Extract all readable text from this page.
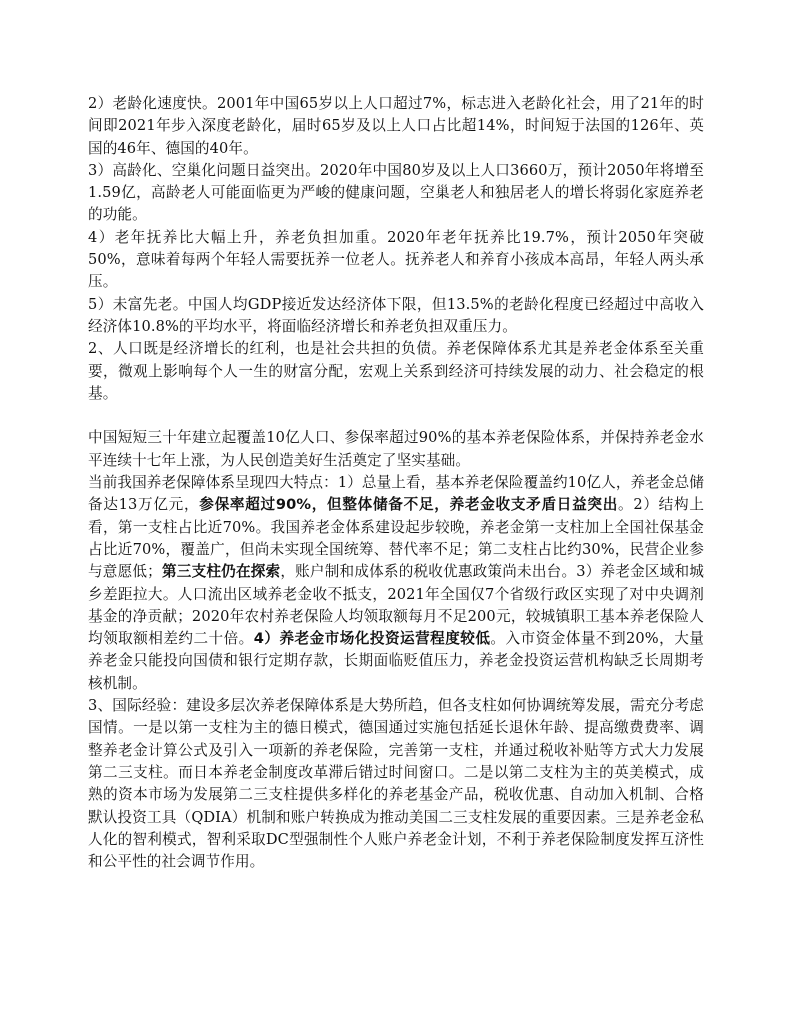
2）老龄化速度快。2001年中国65岁以上人口超过7%，标志进入老龄化社会，用了21年的时间即2021年步入深度老龄化，届时65岁及以上人口占比超14%，时间短于法国的126年、英国的46年、德国的40年。

3）高龄化、空巢化问题日益突出。2020年中国80岁及以上人口3660万，预计2050年将增至1.59亿，高龄老人可能面临更为严峻的健康问题，空巢老人和独居老人的增长将弱化家庭养老的功能。

4）老年抚养比大幅上升，养老负担加重。2020年老年抚养比19.7%，预计2050年突破50%，意味着每两个年轻人需要抚养一位老人。抚养老人和养育小孩成本高昂，年轻人两头承压。

5）未富先老。中国人均GDP接近发达经济体下限，但13.5%的老龄化程度已经超过中高收入经济体10.8%的平均水平，将面临经济增长和养老负担双重压力。

2、人口既是经济增长的红利，也是社会共担的负债。养老保障体系尤其是养老金体系至关重要，微观上影响每个人一生的财富分配，宏观上关系到经济可持续发展的动力、社会稳定的根基。

中国短短三十年建立起覆盖10亿人口、参保率超过90%的基本养老保险体系，并保持养老金水平连续十七年上涨，为人民创造美好生活奠定了坚实基础。

当前我国养老保障体系呈现四大特点：1）总量上看，基本养老保险覆盖约10亿人，养老金总储备达13万亿元，参保率超过90%，但整体储备不足，养老金收支矛盾日益突出。2）结构上看，第一支柱占比近70%。我国养老金体系建设起步较晚，养老金第一支柱加上全国社保基金占比近70%，覆盖广，但尚未实现全国统筹、替代率不足；第二支柱占比约30%，民营企业参与意愿低；第三支柱仍在探索，账户制和成体系的税收优惠政策尚未出台。3）养老金区域和城乡差距拉大。人口流出区域养老金收不抵支，2021年全国仅7个省级行政区实现了对中央调剂基金的净贡献；2020年农村养老保险人均领取额每月不足200元，较城镇职工基本养老保险人均领取额相差约二十倍。4）养老金市场化投资运营程度较低。入市资金体量不到20%，大量养老金只能投向国债和银行定期存款，长期面临贬值压力，养老金投资运营机构缺乏长周期考核机制。

3、国际经验：建设多层次养老保障体系是大势所趋，但各支柱如何协调统筹发展，需充分考虑国情。一是以第一支柱为主的德日模式，德国通过实施包括延长退休年龄、提高缴费费率、调整养老金计算公式及引入一项新的养老保险，完善第一支柱，并通过税收补贴等方式大力发展第二三支柱。而日本养老金制度改革滞后错过时间窗口。二是以第二支柱为主的英美模式，成熟的资本市场为发展第二三支柱提供多样化的养老基金产品，税收优惠、自动加入机制、合格默认投资工具（QDIA）机制和账户转换成为推动美国二三支柱发展的重要因素。三是养老金私人化的智利模式，智利采取DC型强制性个人账户养老金计划，不利于养老保险制度发挥互济性和公平性的社会调节作用。
